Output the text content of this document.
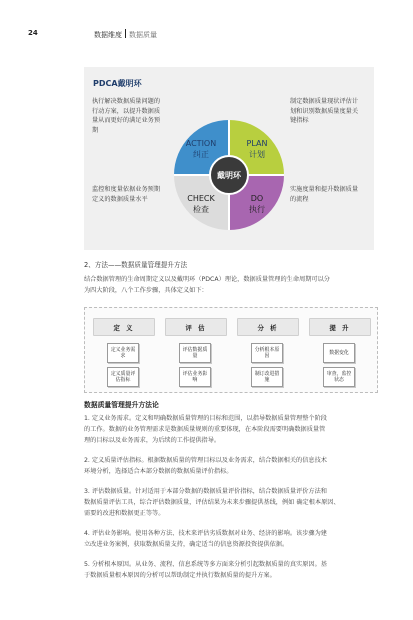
24	数据维度 数据质量
戴明环
ACTION
纠正
PLAN
计划
CHECK
检查
DO
执行
PDCA戴明环
执行解决数据质量问题的
行动方案，以提升数据质
量从而更好的满足业务预
期
制定数据质量现状评估计
划和识别数据质量度量关
键指标
监控和度量依据业务预期
定义的数据质量水平
实施度量和提升数据质量
的流程
2、方法——数据质量管理提升方法
结合数据管理的生命周期定义以及戴明环（PDCA）理论，数据质量管理的生命周期可以分
为四大阶段，八个工作步骤，具体定义如下：
定 义	评 估	分 析	提 升
定义业务需求
评估数据质量
分析根本原因
数据变化
定义质量评估指标
评估业务影响
制订改进措施
审查，监控状态
数据质量管理提升方法论
1. 定义业务需求。定义和明确数据质量管理的目标和范围，以指导数据质量管理整个阶段
的工作。数据的业务管理需求是数据质量规则的重要体现，在本阶段需要明确数据质量管
理的目标以及业务需求，为后续的工作提供指导。
2. 定义质量评估指标。根据数据质量的管理目标以及业务需求，结合数据相关的信息技术
环境分析，选择适合本部分数据的数据质量评价指标。
3. 评估数据质量。针对适用于本部分数据的数据质量评价指标，结合数据质量评价方法和
数据质量评估工具，综合评估数据质量，评估结果为未来步骤提供基线，例如 确定根本原因、
需要的改进和数据更正等等。
4. 评估业务影响。使用各种方法、技术来评估劣质数据对业务、经济的影响。该步骤为建
立改进业务案例，获取数据质量支持，确定适当的信息资源投资提供依据。
5. 分析根本原因。从业务、流程、信息系统等多方面来分析引起数据质量的真实原因。基
于数据质量根本原因的分析可以帮助制定并执行数据质量的提升方案。
